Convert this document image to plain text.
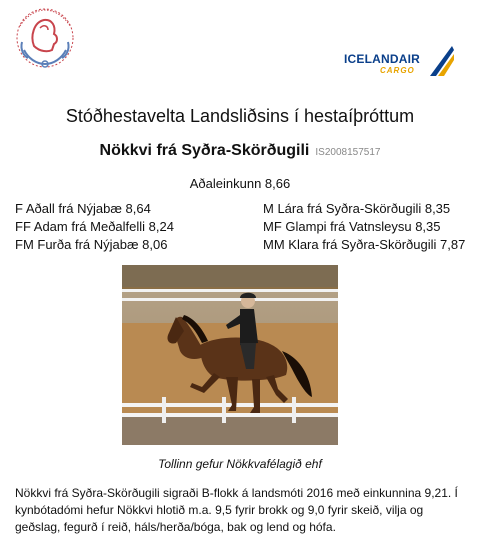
ICELANDAIR
CARGO
Stóðhestavelta Landsliðsins í hestaíþróttum
Nökkvi frá Syðra-Skörðugili IS2008157517
Aðaleinkunn 8,66
F Aðall frá Nýjabæ 8,64
FF Adam frá Meðalfelli 8,24
FM Furða frá Nýjabæ 8,06
M Lára frá Syðra-Skörðugili 8,35
MF Glampi frá Vatnsleysu 8,35
MM Klara frá Syðra-Skörðugili 7,87
Tollinn gefur Nökkvafélagið ehf
Nökkvi frá Syðra-Skörðugili sigraði B-flokk á landsmóti 2016 með einkunnina 9,21. Í kynbótadómi hefur Nökkvi hlotið m.a. 9,5 fyrir brokk og 9,0 fyrir skeið, vilja og geðslag, fegurð í reið, háls/herða/bóga, bak og lend og hófa.
